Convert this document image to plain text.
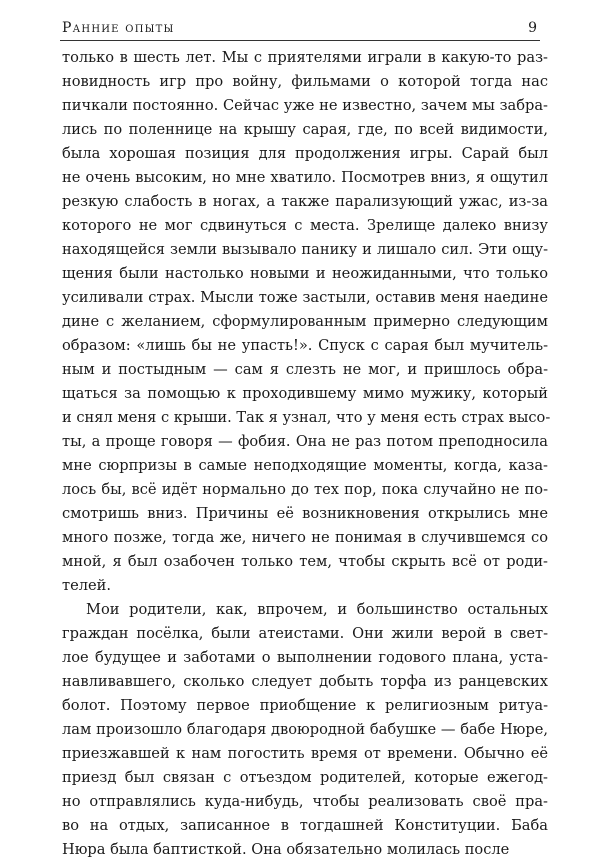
Ранние опыты	9
только в шесть лет. Мы с приятелями играли в какую-то раз-
новидность игр про войну, фильмами о которой тогда нас
пичкали постоянно. Сейчас уже не известно, зачем мы забра-
лись по поленнице на крышу сарая, где, по всей видимости,
была хорошая позиция для продолжения игры. Сарай был
не очень высоким, но мне хватило. Посмотрев вниз, я ощутил
резкую слабость в ногах, а также парализующий ужас, из-за
которого не мог сдвинуться с места. Зрелище далеко внизу
находящейся земли вызывало панику и лишало сил. Эти ощу-
щения были настолько новыми и неожиданными, что только
усиливали страх. Мысли тоже застыли, оставив меня наедине
дине с желанием, сформулированным примерно следующим
образом: «лишь бы не упасть!». Спуск с сарая был мучитель-
ным и постыдным — сам я слезть не мог, и пришлось обра-
щаться за помощью к проходившему мимо мужику, который
и снял меня с крыши. Так я узнал, что у меня есть страх высо-
ты, а проще говоря — фобия. Она не раз потом преподносила
мне сюрпризы в самые неподходящие моменты, когда, каза-
лось бы, всё идёт нормально до тех пор, пока случайно не по-
смотришь вниз. Причины её возникновения открылись мне
много позже, тогда же, ничего не понимая в случившемся со
мной, я был озабочен только тем, чтобы скрыть всё от роди-
телей.
Мои родители, как, впрочем, и большинство остальных
граждан посёлка, были атеистами. Они жили верой в свет-
лое будущее и заботами о выполнении годового плана, уста-
навливавшего, сколько следует добыть торфа из ранцевских
болот. Поэтому первое приобщение к религиозным ритуа-
лам произошло благодаря двоюродной бабушке — бабе Нюре,
приезжавшей к нам погостить время от времени. Обычно её
приезд был связан с отъездом родителей, которые ежегод-
но отправлялись куда-нибудь, чтобы реализовать своё пра-
во на отдых, записанное в тогдашней Конституции. Баба
Нюра была баптисткой. Она обязательно молилась после
